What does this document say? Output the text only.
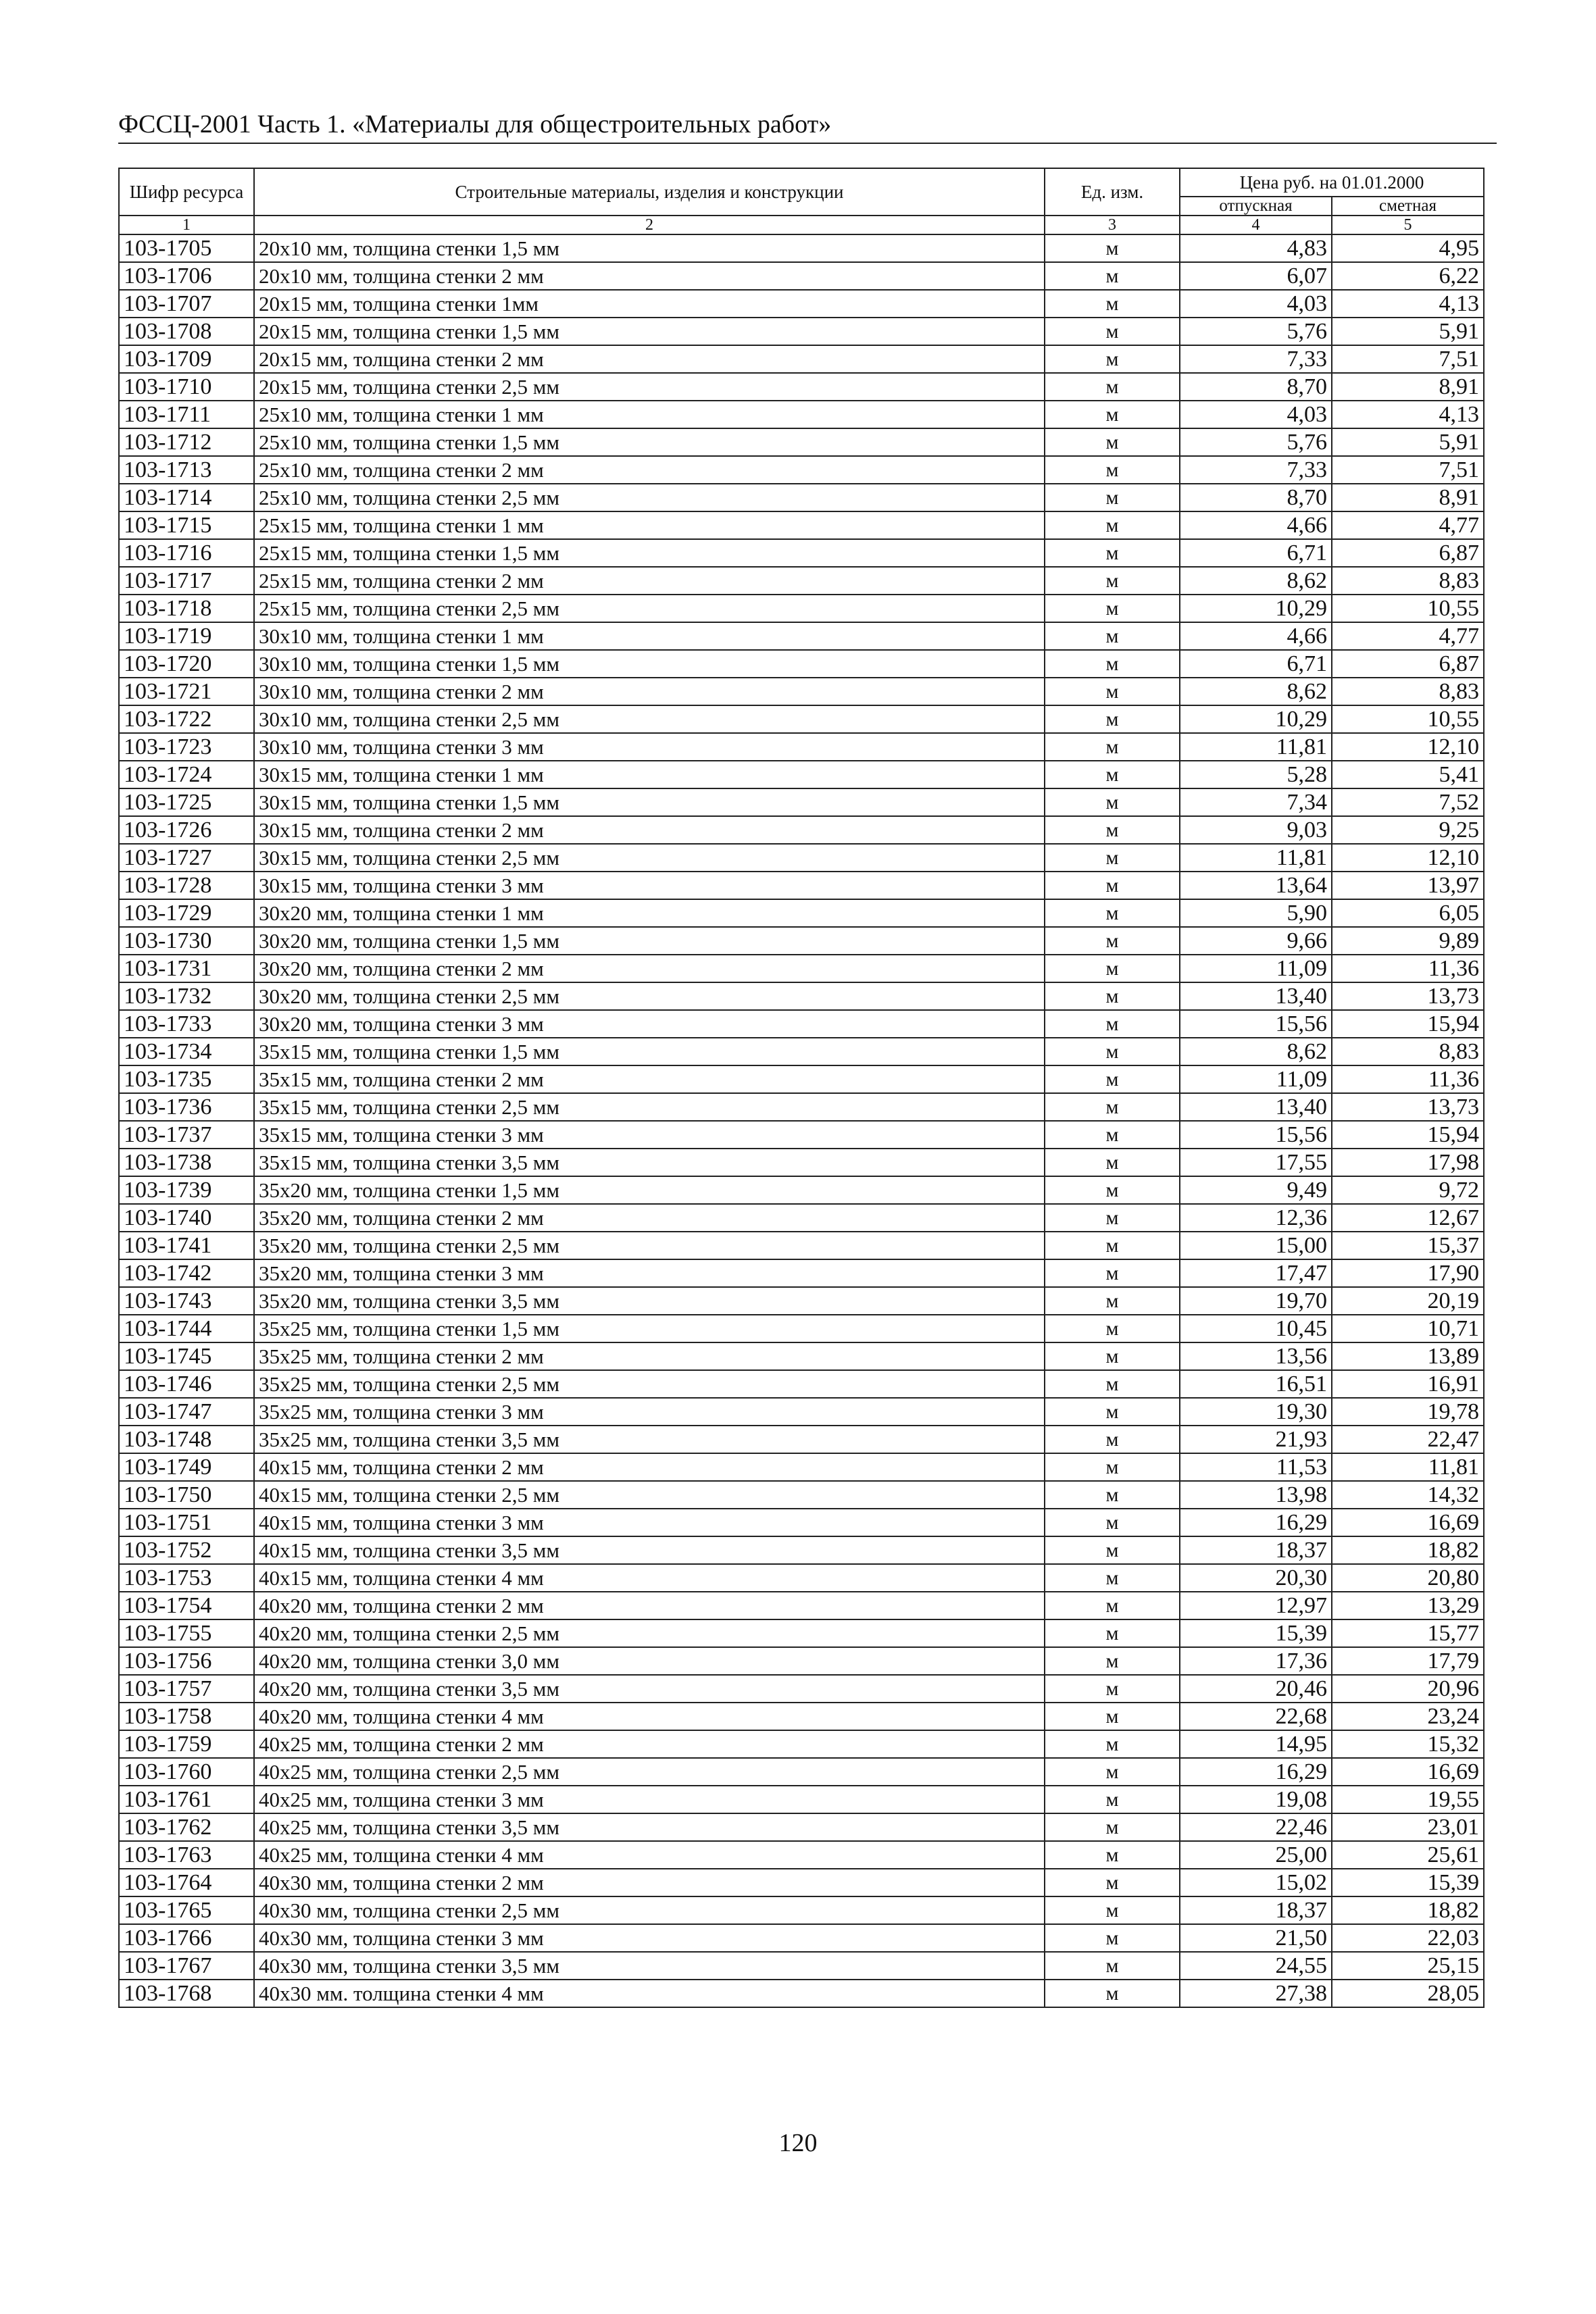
ФССЦ-2001 Часть 1. «Материалы для общестроительных работ»
Шифр ресурса	Строительные материалы, изделия и конструкции	Ед. изм.	Цена руб. на 01.01.2000	
			отпускная	сметная
1	2	3	4	5
103-1705	20x10 мм, толщина стенки 1,5 мм	м	4,83	4,95
103-1706	20x10 мм, толщина стенки 2 мм	м	6,07	6,22
103-1707	20x15 мм, толщина стенки 1мм	м	4,03	4,13
103-1708	20x15 мм, толщина стенки 1,5 мм	м	5,76	5,91
103-1709	20x15 мм, толщина стенки 2 мм	м	7,33	7,51
103-1710	20x15 мм, толщина стенки 2,5 мм	м	8,70	8,91
103-1711	25x10 мм, толщина стенки 1 мм	м	4,03	4,13
103-1712	25x10 мм, толщина стенки 1,5 мм	м	5,76	5,91
103-1713	25x10 мм, толщина стенки 2 мм	м	7,33	7,51
103-1714	25x10 мм, толщина стенки 2,5 мм	м	8,70	8,91
103-1715	25x15 мм, толщина стенки 1 мм	м	4,66	4,77
103-1716	25x15 мм, толщина стенки 1,5 мм	м	6,71	6,87
103-1717	25x15 мм, толщина стенки 2 мм	м	8,62	8,83
103-1718	25x15 мм, толщина стенки 2,5 мм	м	10,29	10,55
103-1719	30x10 мм, толщина стенки 1 мм	м	4,66	4,77
103-1720	30x10 мм, толщина стенки 1,5 мм	м	6,71	6,87
103-1721	30x10 мм, толщина стенки 2 мм	м	8,62	8,83
103-1722	30x10 мм, толщина стенки 2,5 мм	м	10,29	10,55
103-1723	30x10 мм, толщина стенки 3 мм	м	11,81	12,10
103-1724	30x15 мм, толщина стенки 1 мм	м	5,28	5,41
103-1725	30x15 мм, толщина стенки 1,5 мм	м	7,34	7,52
103-1726	30x15 мм, толщина стенки 2 мм	м	9,03	9,25
103-1727	30x15 мм, толщина стенки 2,5 мм	м	11,81	12,10
103-1728	30x15 мм, толщина стенки 3 мм	м	13,64	13,97
103-1729	30x20 мм, толщина стенки 1 мм	м	5,90	6,05
103-1730	30x20 мм, толщина стенки 1,5 мм	м	9,66	9,89
103-1731	30x20 мм, толщина стенки 2 мм	м	11,09	11,36
103-1732	30x20 мм, толщина стенки 2,5 мм	м	13,40	13,73
103-1733	30x20 мм, толщина стенки 3 мм	м	15,56	15,94
103-1734	35x15 мм, толщина стенки 1,5 мм	м	8,62	8,83
103-1735	35x15 мм, толщина стенки 2 мм	м	11,09	11,36
103-1736	35x15 мм, толщина стенки 2,5 мм	м	13,40	13,73
103-1737	35x15 мм, толщина стенки 3 мм	м	15,56	15,94
103-1738	35x15 мм, толщина стенки 3,5 мм	м	17,55	17,98
103-1739	35x20 мм, толщина стенки 1,5 мм	м	9,49	9,72
103-1740	35x20 мм, толщина стенки 2 мм	м	12,36	12,67
103-1741	35x20 мм, толщина стенки 2,5 мм	м	15,00	15,37
103-1742	35x20 мм, толщина стенки 3 мм	м	17,47	17,90
103-1743	35x20 мм, толщина стенки 3,5 мм	м	19,70	20,19
103-1744	35x25 мм, толщина стенки 1,5 мм	м	10,45	10,71
103-1745	35x25 мм, толщина стенки 2 мм	м	13,56	13,89
103-1746	35x25 мм, толщина стенки 2,5 мм	м	16,51	16,91
103-1747	35x25 мм, толщина стенки 3 мм	м	19,30	19,78
103-1748	35x25 мм, толщина стенки 3,5 мм	м	21,93	22,47
103-1749	40x15 мм, толщина стенки 2 мм	м	11,53	11,81
103-1750	40x15 мм, толщина стенки 2,5 мм	м	13,98	14,32
103-1751	40x15 мм, толщина стенки 3 мм	м	16,29	16,69
103-1752	40x15 мм, толщина стенки 3,5 мм	м	18,37	18,82
103-1753	40x15 мм, толщина стенки 4 мм	м	20,30	20,80
103-1754	40x20 мм, толщина стенки 2 мм	м	12,97	13,29
103-1755	40x20 мм, толщина стенки 2,5 мм	м	15,39	15,77
103-1756	40x20 мм, толщина стенки 3,0 мм	м	17,36	17,79
103-1757	40x20 мм, толщина стенки 3,5 мм	м	20,46	20,96
103-1758	40x20 мм, толщина стенки 4 мм	м	22,68	23,24
103-1759	40x25 мм, толщина стенки 2 мм	м	14,95	15,32
103-1760	40x25 мм, толщина стенки 2,5 мм	м	16,29	16,69
103-1761	40x25 мм, толщина стенки 3 мм	м	19,08	19,55
103-1762	40x25 мм, толщина стенки 3,5 мм	м	22,46	23,01
103-1763	40x25 мм, толщина стенки 4 мм	м	25,00	25,61
103-1764	40x30 мм, толщина стенки 2 мм	м	15,02	15,39
103-1765	40x30 мм, толщина стенки 2,5 мм	м	18,37	18,82
103-1766	40x30 мм, толщина стенки 3 мм	м	21,50	22,03
103-1767	40x30 мм, толщина стенки 3,5 мм	м	24,55	25,15
103-1768	40x30 мм. толщина стенки 4 мм	м	27,38	28,05
120
